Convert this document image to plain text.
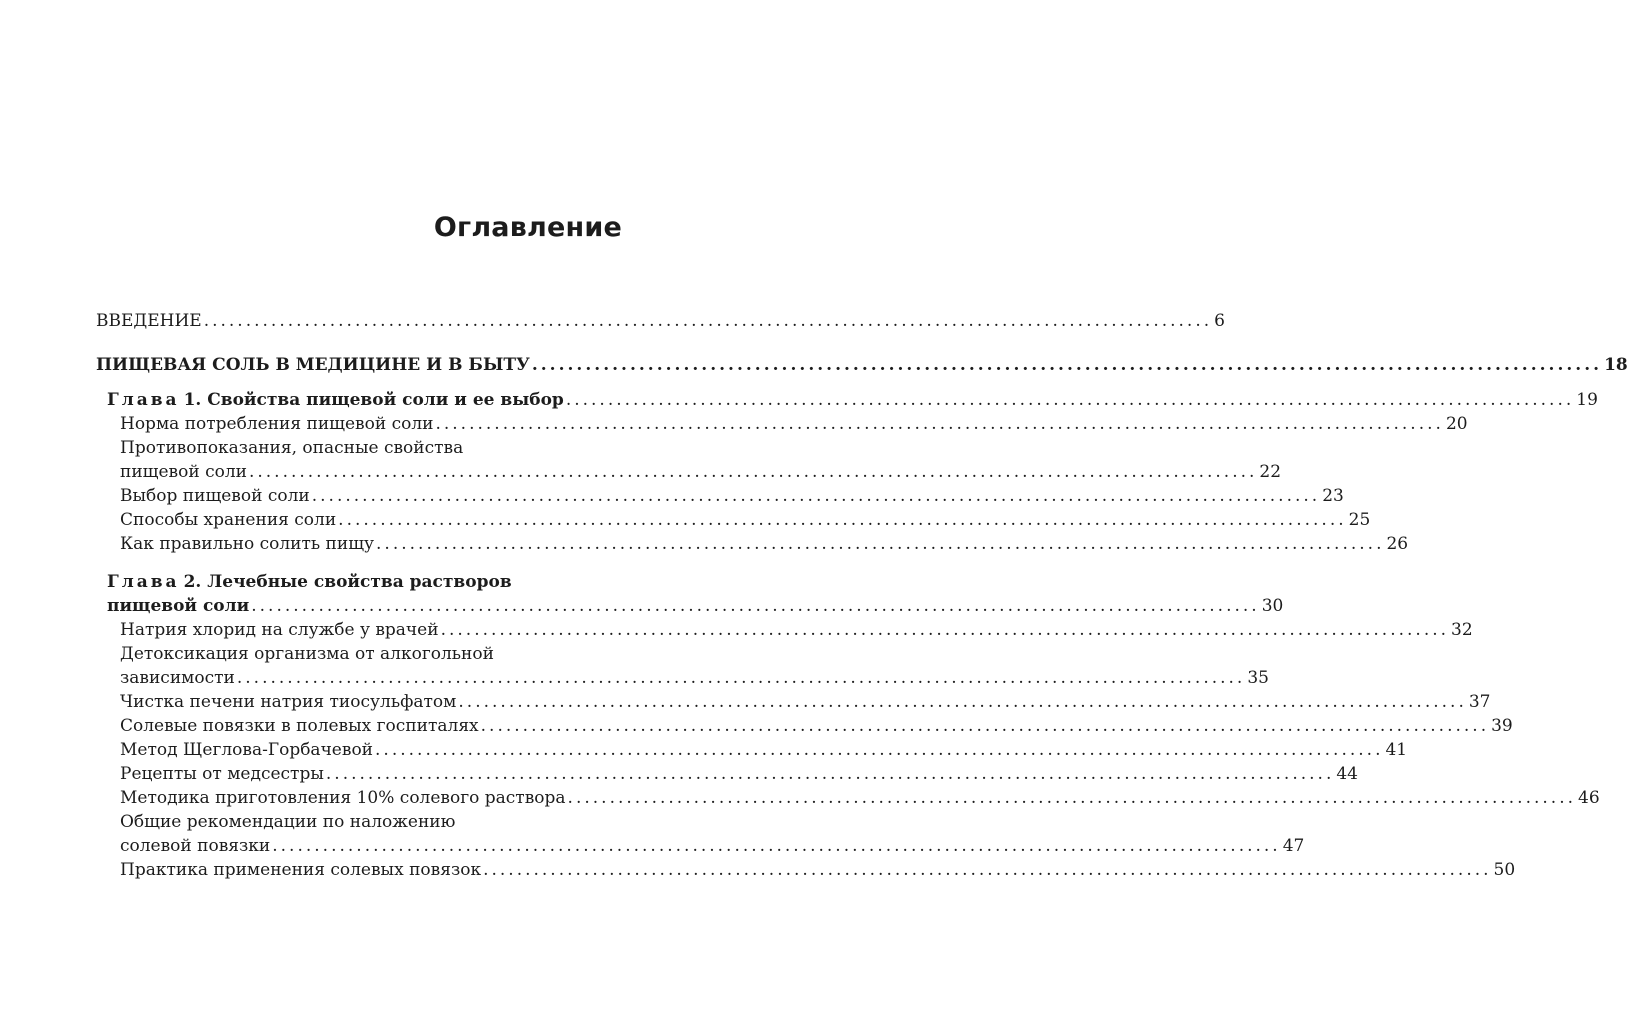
Оглавление
ВВЕДЕНИЕ ........................................................................................................................ 6
ПИЩЕВАЯ СОЛЬ В МЕДИЦИНЕ И В БЫТУ ........................................................................................................................ 18
Глава 1. Свойства пищевой соли и ее выбор ........................................................................................................................ 19
Норма потребления пищевой соли ........................................................................................................................ 20
Противопоказания, опасные свойства
пищевой соли ........................................................................................................................ 22
Выбор пищевой соли ........................................................................................................................ 23
Способы хранения соли ........................................................................................................................ 25
Как правильно солить пищу ........................................................................................................................ 26
Глава 2. Лечебные свойства растворов
пищевой соли ........................................................................................................................ 30
Натрия хлорид на службе у врачей ........................................................................................................................ 32
Детоксикация организма от алкогольной
зависимости ........................................................................................................................ 35
Чистка печени натрия тиосульфатом ........................................................................................................................ 37
Солевые повязки в полевых госпиталях ........................................................................................................................ 39
Метод Щеглова-Горбачевой ........................................................................................................................ 41
Рецепты от медсестры ........................................................................................................................ 44
Методика приготовления 10% солевого раствора ........................................................................................................................ 46
Общие рекомендации по наложению
солевой повязки ........................................................................................................................ 47
Практика применения солевых повязок ........................................................................................................................ 50
